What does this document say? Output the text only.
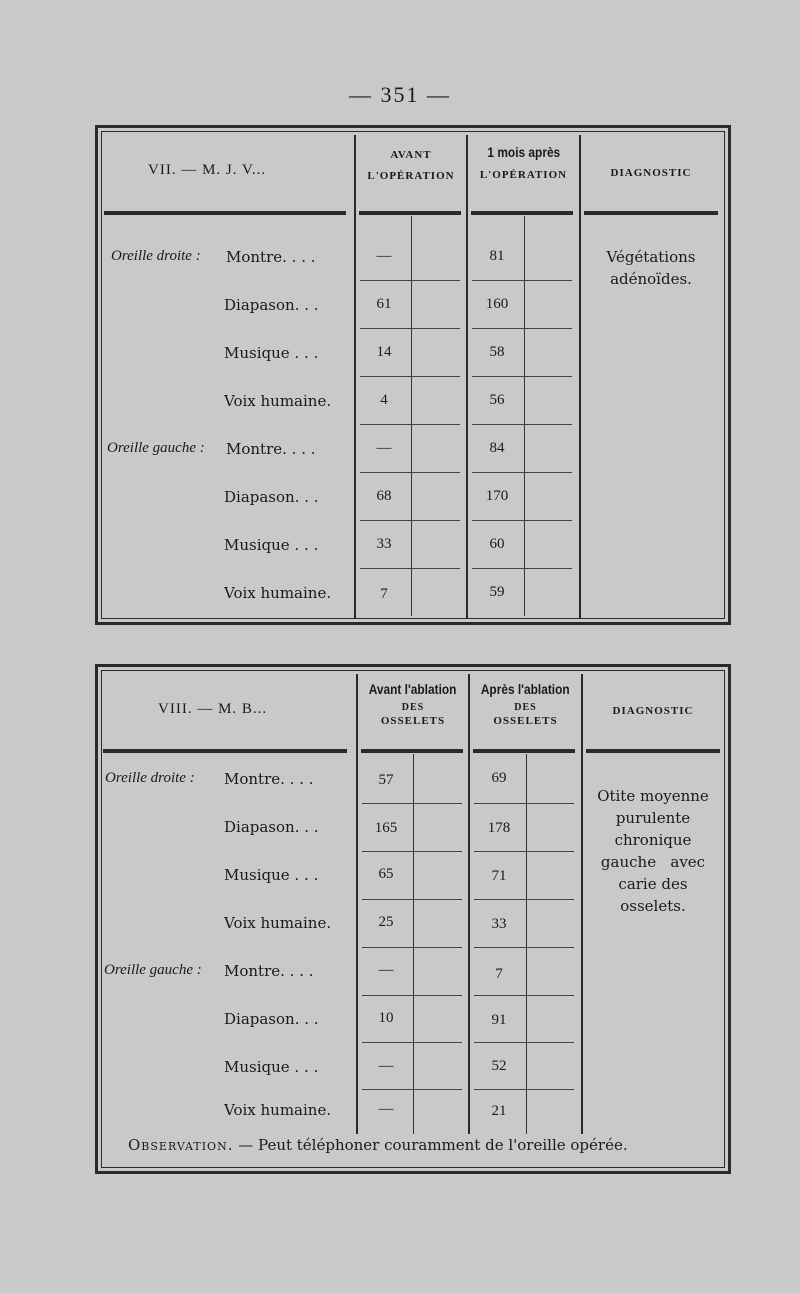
— 351 —
VII. — M. J. V...
AVANT
L'OPÉRATION
1 mois après
L'OPÉRATION	DIAGNOSTIC
Oreille droite :
Oreille gauche :
Montre. . . .
Diapason. . .
Musique . . .
Voix humaine.
Montre. . . .
Diapason. . .
Musique . . .
Voix humaine.
—
61
14
4
—
68
33
7
81
160
58
56
84
170
60
59
Végétations
adénoïdes.
VIII. — M. B...
Avant l'ablation
DES
OSSELETS
Après l'ablation
DES
OSSELETS
DIAGNOSTIC
Oreille droite :
Oreille gauche :
Montre. . . .
Diapason. . .
Musique . . .
Voix humaine.
Montre. . . .
Diapason. . .
Musique . . .
Voix humaine.
57
165
65
25
—
10
—
—
69
178
71
33
7
91
52
21
Otite moyenne
purulente
chronique
gauche   avec
carie des
osselets.
Observation. — Peut téléphoner couramment de l'oreille opérée.
